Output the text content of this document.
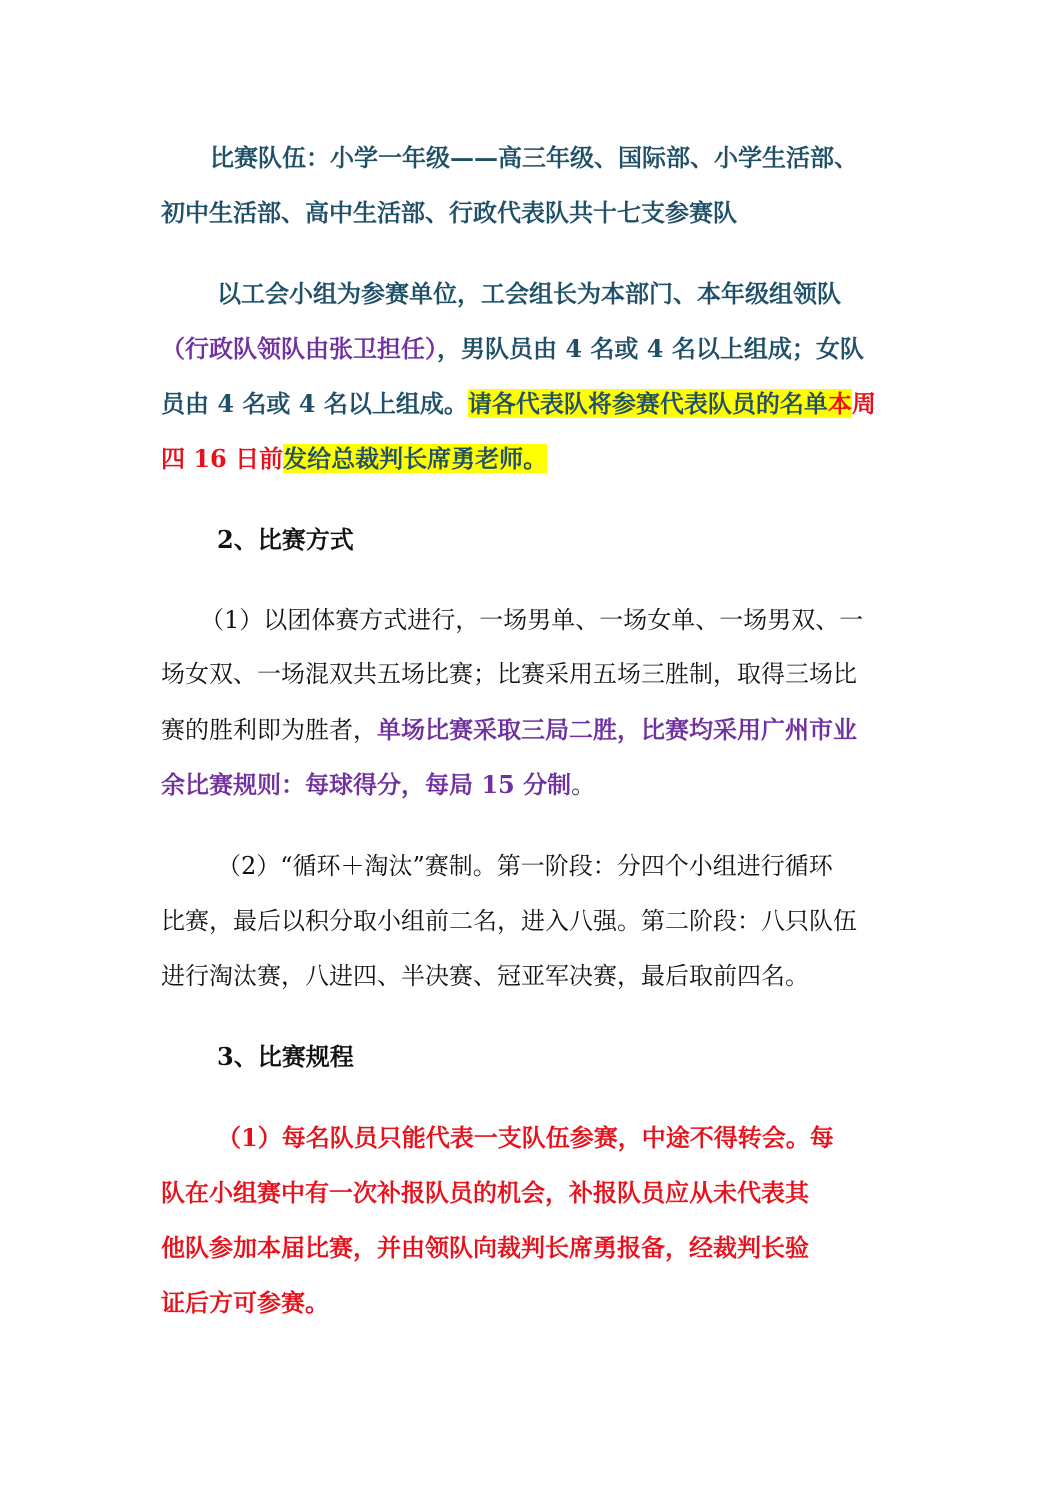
比赛队伍：小学一年级——高三年级、国际部、小学生活部、
初中生活部、高中生活部、行政代表队共十七支参赛队
以工会小组为参赛单位，工会组长为本部门、本年级组领队
（行政队领队由张卫担任），男队员由 4 名或 4 名以上组成；女队
员由 4 名或 4 名以上组成。请各代表队将参赛代表队员的名单本周
四 16 日前发给总裁判长席勇老师。
2、比赛方式
（1）以团体赛方式进行，一场男单、一场女单、一场男双、一
场女双、一场混双共五场比赛；比赛采用五场三胜制，取得三场比
赛的胜利即为胜者，单场比赛采取三局二胜，比赛均采用广州市业
余比赛规则：每球得分，每局 15 分制。
（2）“循环＋淘汰”赛制。第一阶段：分四个小组进行循环
比赛，最后以积分取小组前二名，进入八强。第二阶段：八只队伍
进行淘汰赛，八进四、半决赛、冠亚军决赛，最后取前四名。
3、比赛规程
（1）每名队员只能代表一支队伍参赛，中途不得转会。每
队在小组赛中有一次补报队员的机会，补报队员应从未代表其
他队参加本届比赛，并由领队向裁判长席勇报备，经裁判长验
证后方可参赛。
